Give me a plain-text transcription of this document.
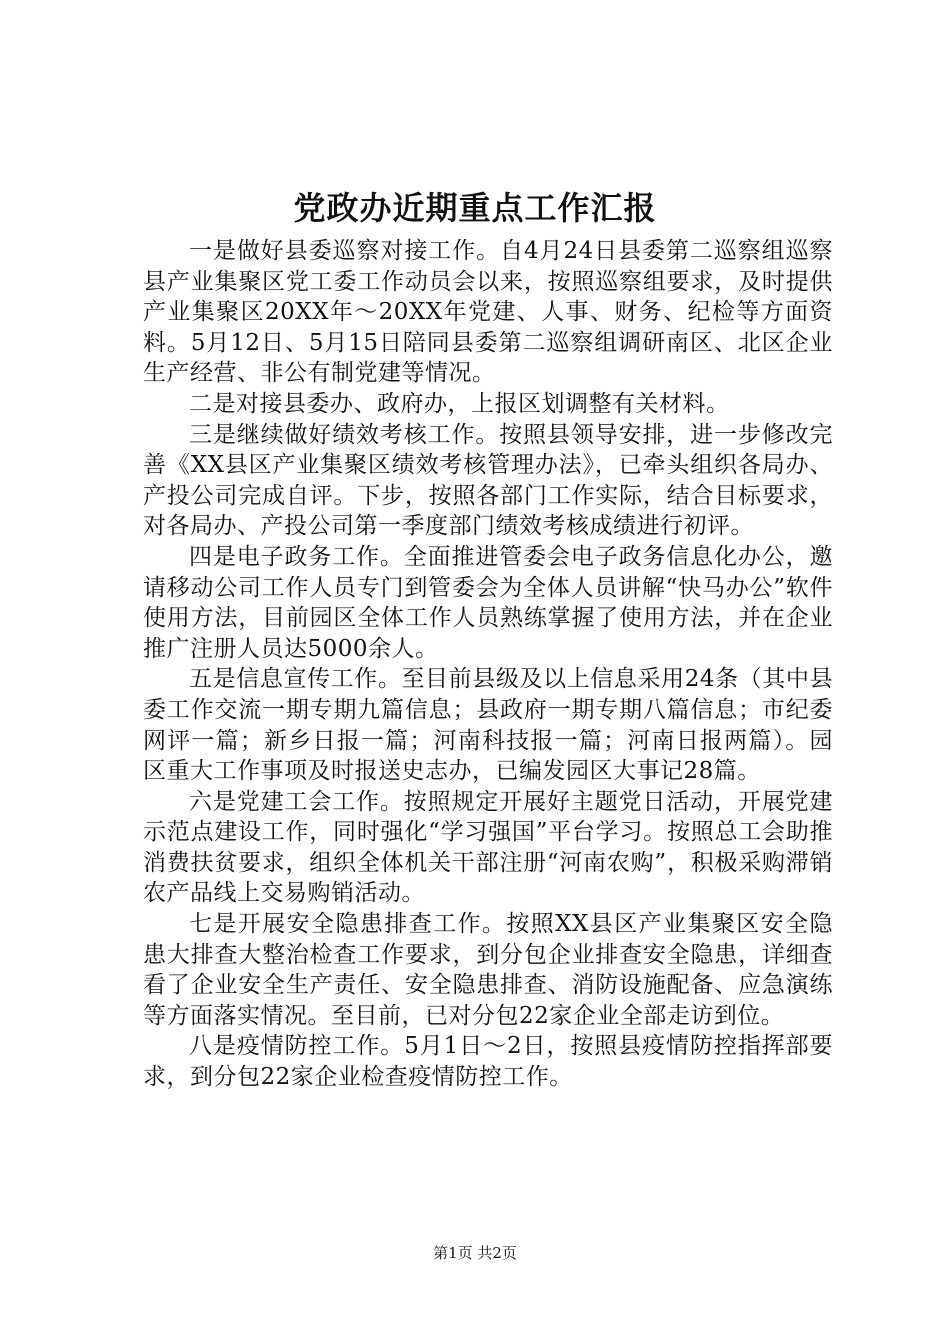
党政办近期重点工作汇报

一是做好县委巡察对接工作。自4月24日县委第二巡察组巡察县产业集聚区党工委工作动员会以来，按照巡察组要求，及时提供产业集聚区20XX年～20XX年党建、人事、财务、纪检等方面资料。5月12日、5月15日陪同县委第二巡察组调研南区、北区企业生产经营、非公有制党建等情况。

二是对接县委办、政府办，上报区划调整有关材料。

三是继续做好绩效考核工作。按照县领导安排，进一步修改完善《XX县区产业集聚区绩效考核管理办法》，已牵头组织各局办、产投公司完成自评。下步，按照各部门工作实际，结合目标要求，对各局办、产投公司第一季度部门绩效考核成绩进行初评。

四是电子政务工作。全面推进管委会电子政务信息化办公，邀请移动公司工作人员专门到管委会为全体人员讲解“快马办公”软件使用方法，目前园区全体工作人员熟练掌握了使用方法，并在企业推广注册人员达5000余人。

五是信息宣传工作。至目前县级及以上信息采用24条（其中县委工作交流一期专期九篇信息；县政府一期专期八篇信息；市纪委网评一篇；新乡日报一篇；河南科技报一篇；河南日报两篇）。园区重大工作事项及时报送史志办，已编发园区大事记28篇。

六是党建工会工作。按照规定开展好主题党日活动，开展党建示范点建设工作，同时强化“学习强国”平台学习。按照总工会助推消费扶贫要求，组织全体机关干部注册“河南农购”，积极采购滞销农产品线上交易购销活动。

七是开展安全隐患排查工作。按照XX县区产业集聚区安全隐患大排查大整治检查工作要求，到分包企业排查安全隐患，详细查看了企业安全生产责任、安全隐患排查、消防设施配备、应急演练等方面落实情况。至目前，已对分包22家企业全部走访到位。

八是疫情防控工作。5月1日～2日，按照县疫情防控指挥部要求，到分包22家企业检查疫情防控工作。

第1页 共2页
